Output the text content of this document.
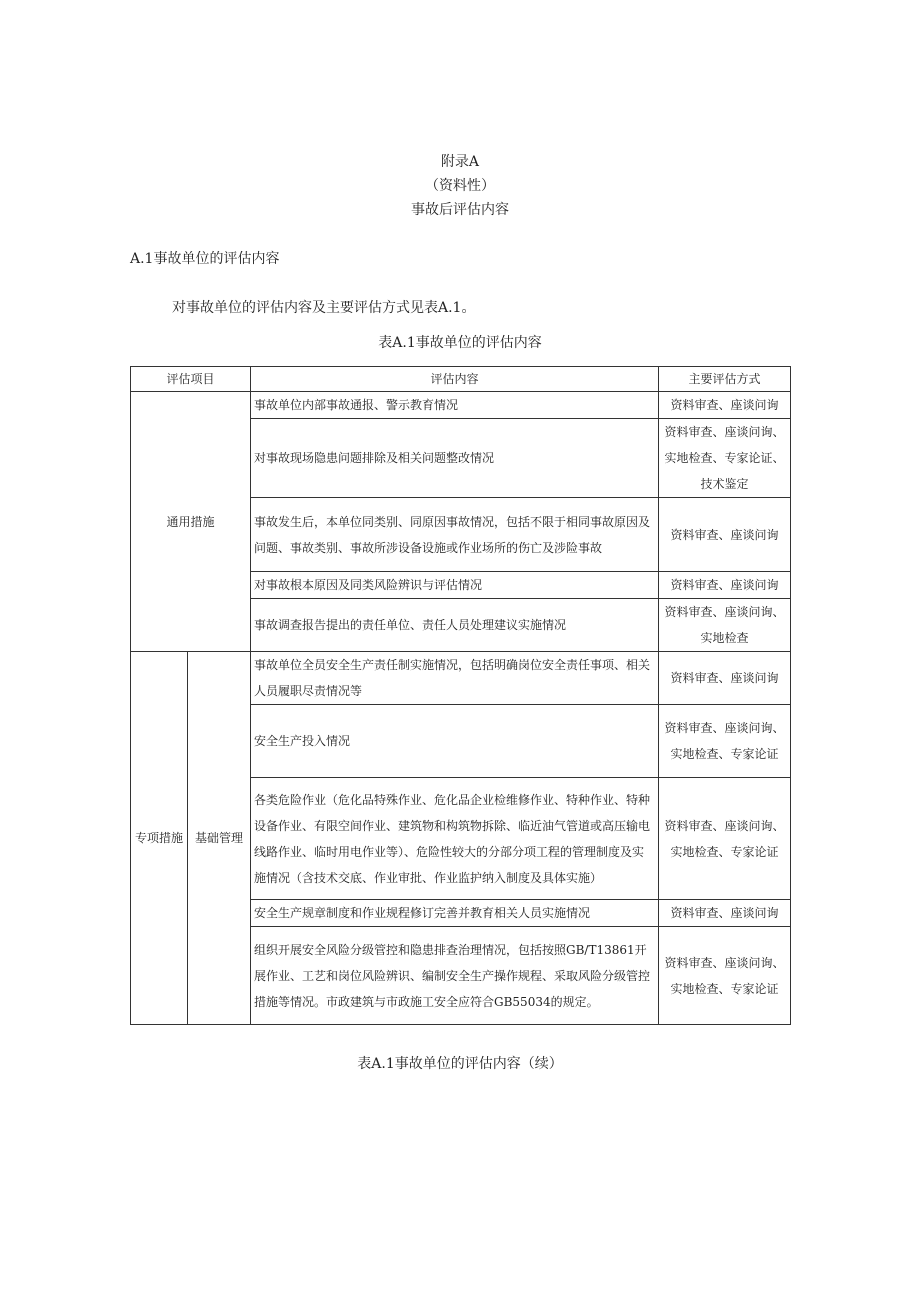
附录A
（资料性）
事故后评估内容
A.1事故单位的评估内容
对事故单位的评估内容及主要评估方式见表A.1。
表A.1事故单位的评估内容
评估项目		评估内容	主要评估方式
通用措施		事故单位内部事故通报、警示教育情况	资料审查、座谈问询

		对事故现场隐患问题排除及相关问题整改情况	资料审查、座谈问询、
实地检查、专家论证、
技术鉴定

		事故发生后，本单位同类别、同原因事故情况，包括不限于相同事故原因及问题、事故类别、事故所涉设备设施或作业场所的伤亡及涉险事故	资料审查、座谈问询

		对事故根本原因及同类风险辨识与评估情况	资料审查、座谈问询

		事故调查报告提出的责任单位、责任人员处理建议实施情况	资料审查、座谈问询、
实地检查

专项措施	基础管理	事故单位全员安全生产责任制实施情况，包括明确岗位安全责任事项、相关人员履职尽责情况等	资料审查、座谈问询

		安全生产投入情况	资料审查、座谈问询、
实地检查、专家论证

		各类危险作业（危化品特殊作业、危化品企业检维修作业、特种作业、特种设备作业、有限空间作业、建筑物和构筑物拆除、临近油气管道或高压输电线路作业、临时用电作业等）、危险性较大的分部分项工程的管理制度及实施情况（含技术交底、作业审批、作业监护纳入制度及具体实施）	资料审查、座谈问询、
实地检查、专家论证

		安全生产规章制度和作业规程修订完善并教育相关人员实施情况	资料审查、座谈问询

		组织开展安全风险分级管控和隐患排查治理情况，包括按照GB/T13861开展作业、工艺和岗位风险辨识、编制安全生产操作规程、采取风险分级管控措施等情况。市政建筑与市政施工安全应符合GB55034的规定。	资料审查、座谈问询、
实地检查、专家论证
表A.1事故单位的评估内容（续）
